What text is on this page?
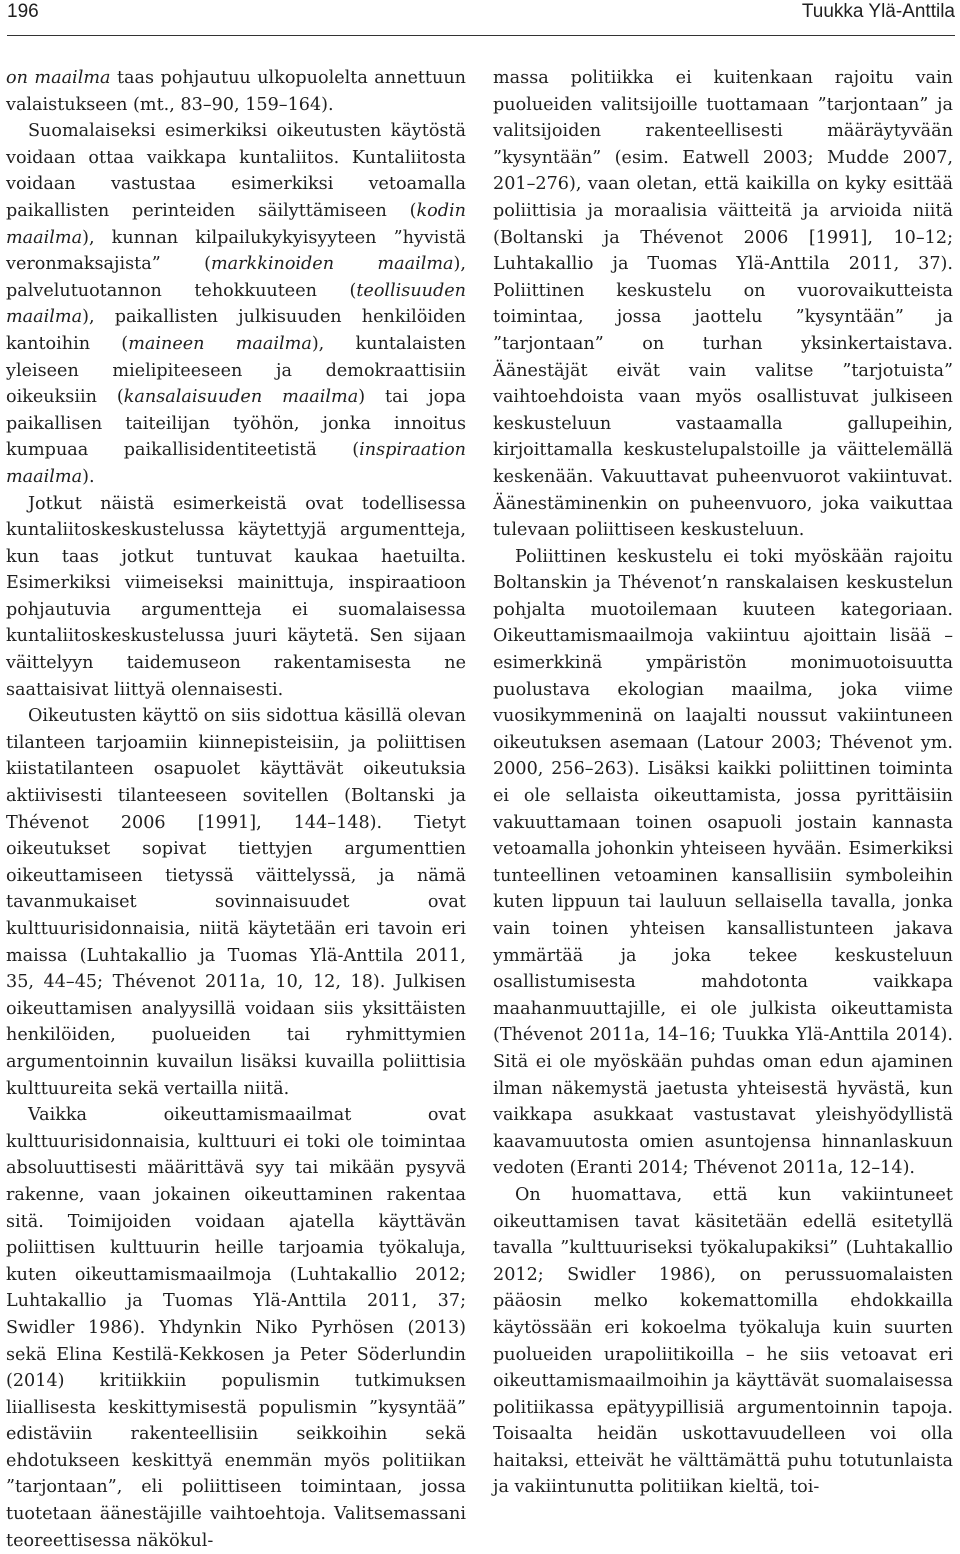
196	Tuukka Ylä-Anttila

on maailma taas pohjautuu ulkopuolelta annettuun valaistukseen (mt., 83–90, 159–164).

Suomalaiseksi esimerkiksi oikeutusten käytöstä voidaan ottaa vaikkapa kuntaliitos. Kuntaliitosta voidaan vastustaa esimerkiksi vetoamalla paikallisten perinteiden säilyttämiseen (kodin maailma), kunnan kilpailukykyisyyteen ”hyvistä veronmaksajista” (markkinoiden maailma), palvelutuotannon tehokkuuteen (teollisuuden maailma), paikallisten julkisuuden henkilöiden kantoihin (maineen maailma), kuntalaisten yleiseen mielipiteeseen ja demokraattisiin oikeuksiin (kansalaisuuden maailma) tai jopa paikallisen taiteilijan työhön, jonka innoitus kumpuaa paikallisidentiteetistä (inspiraation maailma).

Jotkut näistä esimerkeistä ovat todellisessa kuntaliitoskeskustelussa käytettyjä argumentteja, kun taas jotkut tuntuvat kaukaa haetuilta. Esimerkiksi viimeiseksi mainittuja, inspiraatioon pohjautuvia argumentteja ei suomalaisessa kuntaliitoskeskustelussa juuri käytetä. Sen sijaan väittelyyn taidemuseon rakentamisesta ne saattaisivat liittyä olennaisesti.

Oikeutusten käyttö on siis sidottua käsillä olevan tilanteen tarjoamiin kiinnepisteisiin, ja poliittisen kiistatilanteen osapuolet käyttävät oikeutuksia aktiivisesti tilanteeseen sovitellen (Boltanski ja Thévenot 2006 [1991], 144–148). Tietyt oikeutukset sopivat tiettyjen argumenttien oikeuttamiseen tietyssä väittelyssä, ja nämä tavanmukaiset sovinnaisuudet ovat kulttuurisidonnaisia, niitä käytetään eri tavoin eri maissa (Luhtakallio ja Tuomas Ylä-Anttila 2011, 35, 44–45; Thévenot 2011a, 10, 12, 18). Julkisen oikeuttamisen analyysillä voidaan siis yksittäisten henkilöiden, puolueiden tai ryhmittymien argumentoinnin kuvailun lisäksi kuvailla poliittisia kulttuureita sekä vertailla niitä.

Vaikka oikeuttamismaailmat ovat kulttuurisidonnaisia, kulttuuri ei toki ole toimintaa absoluuttisesti määrittävä syy tai mikään pysyvä rakenne, vaan jokainen oikeuttaminen rakentaa sitä. Toimijoiden voidaan ajatella käyttävän poliittisen kulttuurin heille tarjoamia työkaluja, kuten oikeuttamismaailmoja (Luhtakallio 2012; Luhtakallio ja Tuomas Ylä-Anttila 2011, 37; Swidler 1986). Yhdynkin Niko Pyrhösen (2013) sekä Elina Kestilä-Kekkosen ja Peter Söderlundin (2014) kritiikkiin populismin tutkimuksen liiallisesta keskittymisestä populismin ”kysyntää” edistäviin rakenteellisiin seikkoihin sekä ehdotukseen keskittyä enemmän myös politiikan ”tarjontaan”, eli poliittiseen toimintaan, jossa tuotetaan äänestäjille vaihtoehtoja. Valitsemassani teoreettisessa näkökul-

massa politiikka ei kuitenkaan rajoitu vain puolueiden valitsijoille tuottamaan ”tarjontaan” ja valitsijoiden rakenteellisesti määräytyvään ”kysyntään” (esim. Eatwell 2003; Mudde 2007, 201–276), vaan oletan, että kaikilla on kyky esittää poliittisia ja moraalisia väitteitä ja arvioida niitä (Boltanski ja Thévenot 2006 [1991], 10–12; Luhtakallio ja Tuomas Ylä-Anttila 2011, 37). Poliittinen keskustelu on vuorovaikutteista toimintaa, jossa jaottelu ”kysyntään” ja ”tarjontaan” on turhan yksinkertaistava. Äänestäjät eivät vain valitse ”tarjotuista” vaihtoehdoista vaan myös osallistuvat julkiseen keskusteluun vastaamalla gallupeihin, kirjoittamalla keskustelupalstoille ja väittelemällä keskenään. Vakuuttavat puheenvuorot vakiintuvat. Äänestäminenkin on puheenvuoro, joka vaikuttaa tulevaan poliittiseen keskusteluun.

Poliittinen keskustelu ei toki myöskään rajoitu Boltanskin ja Thévenot’n ranskalaisen keskustelun pohjalta muotoilemaan kuuteen kategoriaan. Oikeuttamismaailmoja vakiintuu ajoittain lisää – esimerkkinä ympäristön monimuotoisuutta puolustava ekologian maailma, joka viime vuosikymmeninä on laajalti noussut vakiintuneen oikeutuksen asemaan (Latour 2003; Thévenot ym. 2000, 256–263). Lisäksi kaikki poliittinen toiminta ei ole sellaista oikeuttamista, jossa pyrittäisiin vakuuttamaan toinen osapuoli jostain kannasta vetoamalla johonkin yhteiseen hyvään. Esimerkiksi tunteellinen vetoaminen kansallisiin symboleihin kuten lippuun tai lauluun sellaisella tavalla, jonka vain toinen yhteisen kansallistunteen jakava ymmärtää ja joka tekee keskusteluun osallistumisesta mahdotonta vaikkapa maahanmuuttajille, ei ole julkista oikeuttamista (Thévenot 2011a, 14–16; Tuukka Ylä-Anttila 2014). Sitä ei ole myöskään puhdas oman edun ajaminen ilman näkemystä jaetusta yhteisestä hyvästä, kun vaikkapa asukkaat vastustavat yleishyödyllistä kaavamuutosta omien asuntojensa hinnanlaskuun vedoten (Eranti 2014; Thévenot 2011a, 12–14).

On huomattava, että kun vakiintuneet oikeuttamisen tavat käsitetään edellä esitetyllä tavalla ”kulttuuriseksi työkalupakiksi” (Luhtakallio 2012; Swidler 1986), on perussuomalaisten pääosin melko kokemattomilla ehdokkailla käytössään eri kokoelma työkaluja kuin suurten puolueiden urapoliitikoilla – he siis vetoavat eri oikeuttamismaailmoihin ja käyttävät suomalaisessa politiikassa epätyypillisiä argumentoinnin tapoja. Toisaalta heidän uskottavuudelleen voi olla haitaksi, etteivät he välttämättä puhu totutunlaista ja vakiintunutta politiikan kieltä, toi-
